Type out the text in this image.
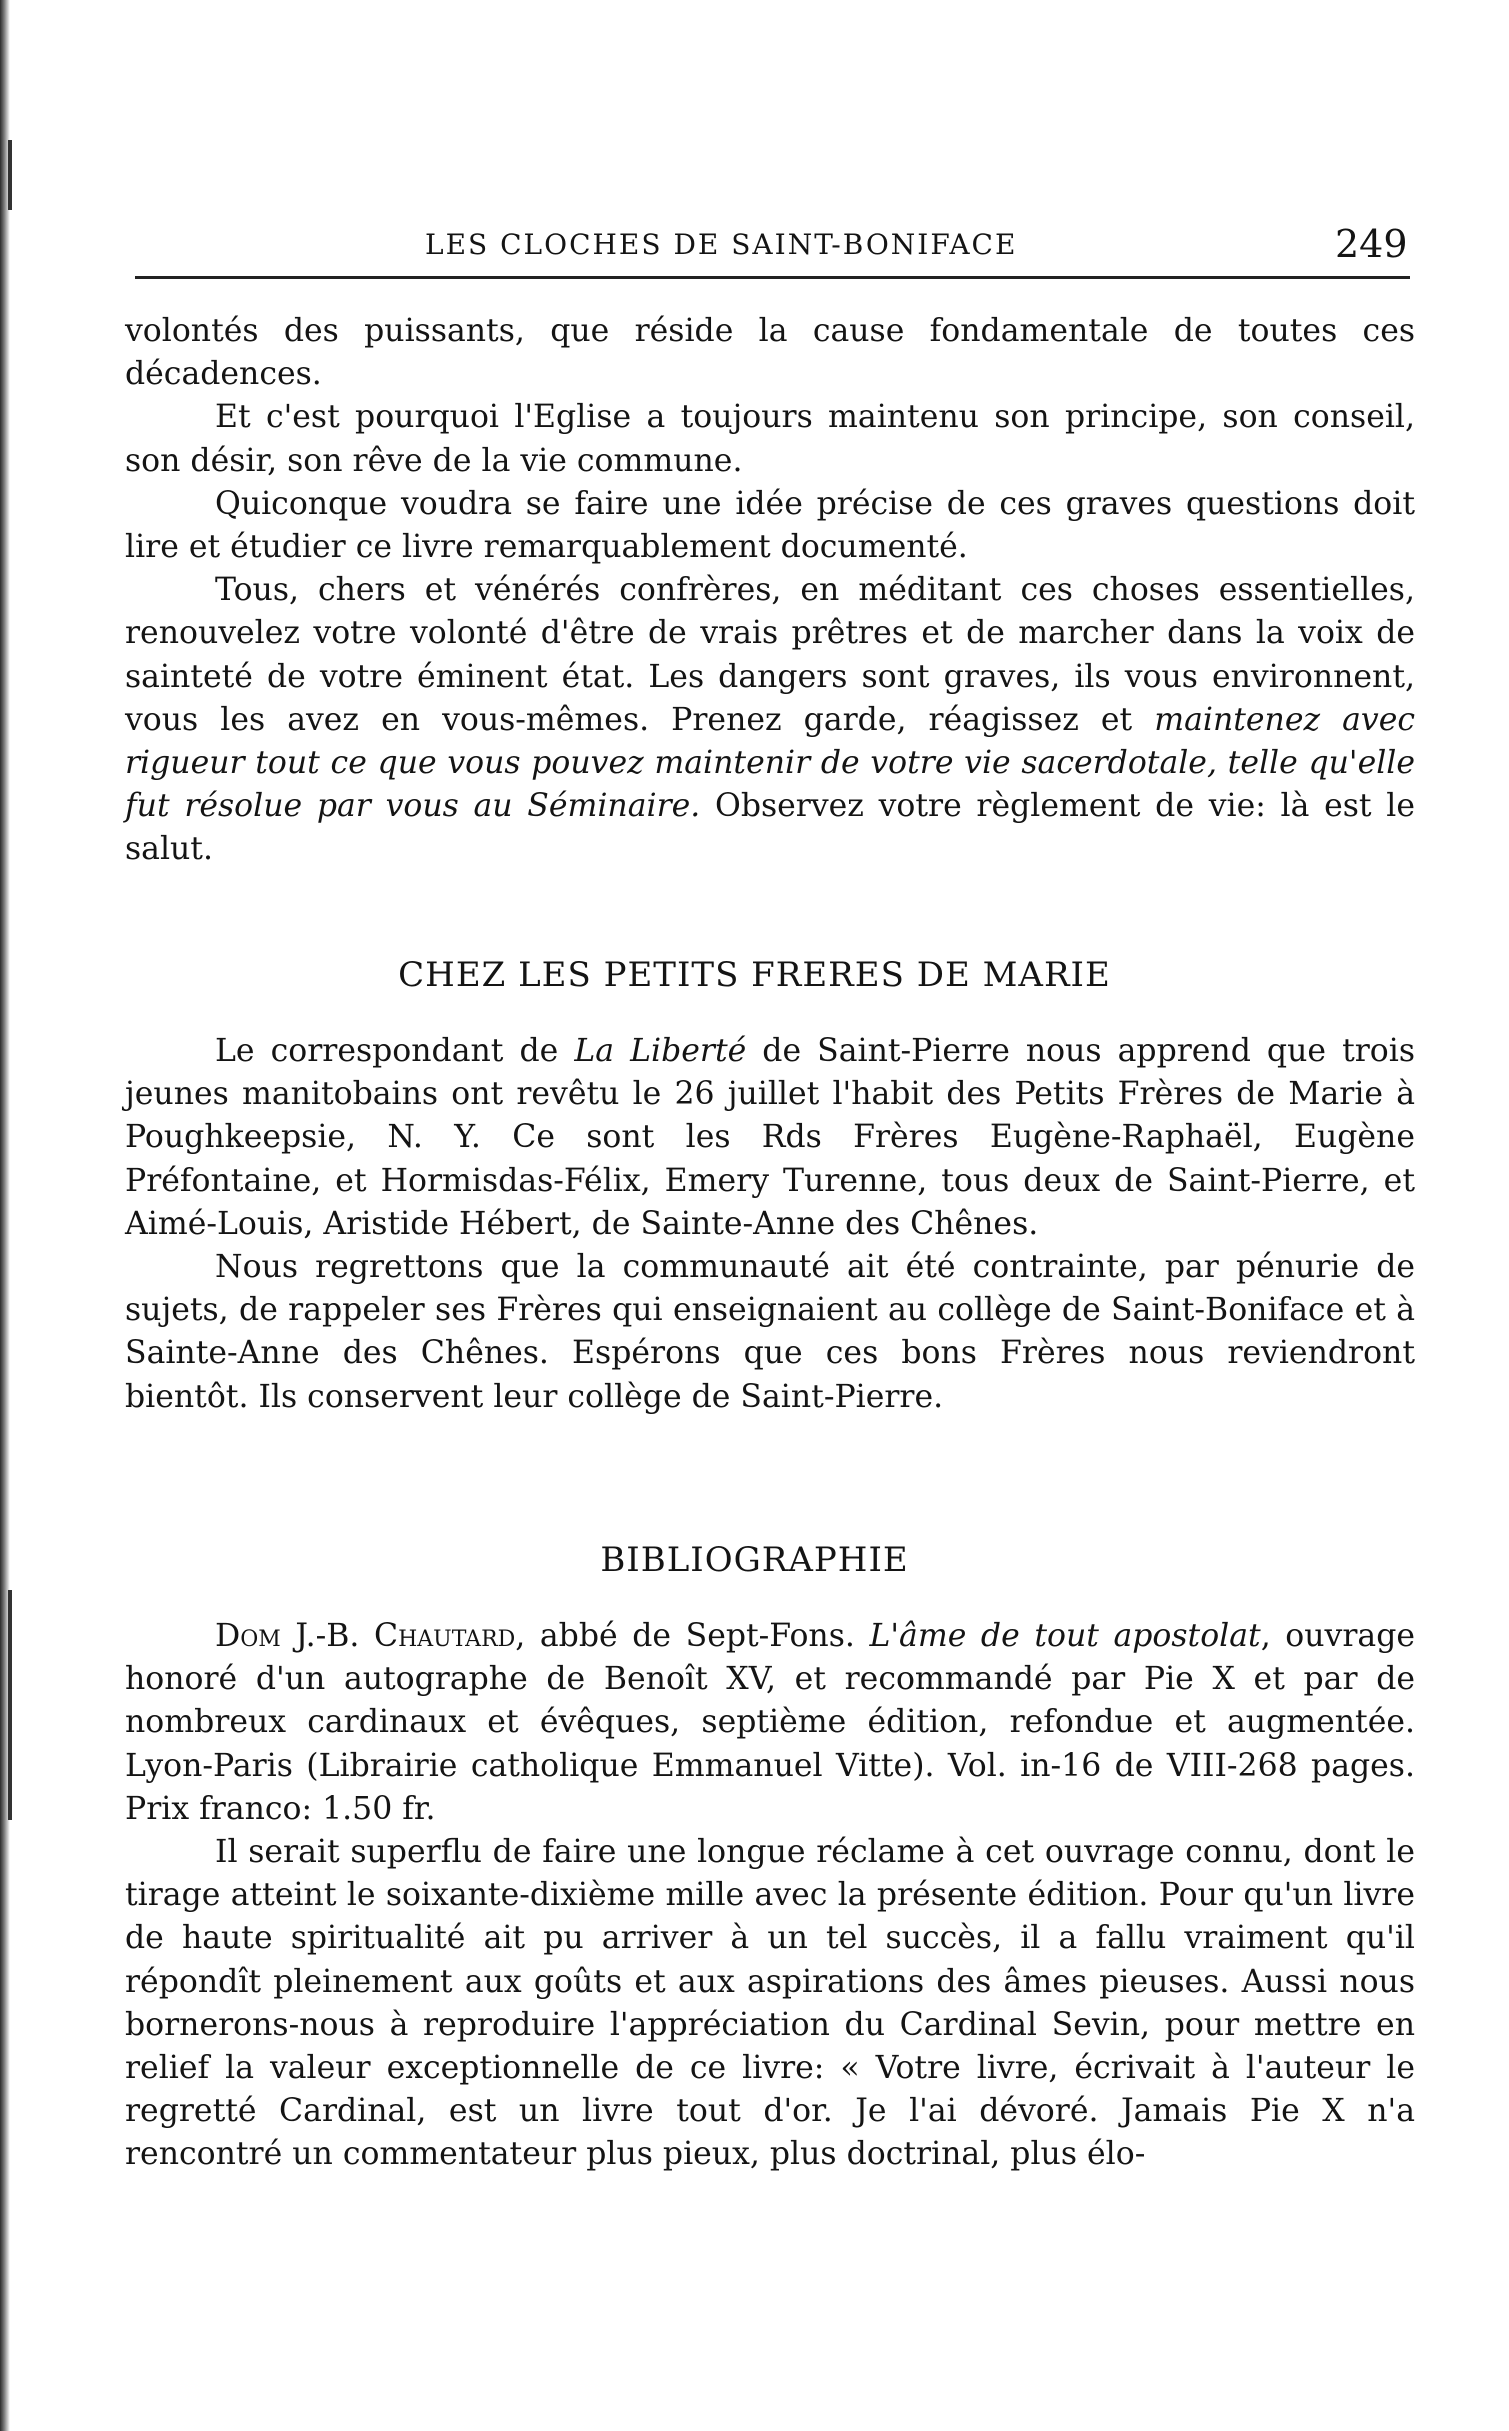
LES CLOCHES DE SAINT-BONIFACE	249

volontés des puissants, que réside la cause fondamentale de toutes ces décadences.

Et c'est pourquoi l'Eglise a toujours maintenu son principe, son conseil, son désir, son rêve de la vie commune.

Quiconque voudra se faire une idée précise de ces graves questions doit lire et étudier ce livre remarquablement documenté.

Tous, chers et vénérés confrères, en méditant ces choses essentielles, renouvelez votre volonté d'être de vrais prêtres et de marcher dans la voix de sainteté de votre éminent état. Les dangers sont graves, ils vous environnent, vous les avez en vous-mêmes. Prenez garde, réagissez et maintenez avec rigueur tout ce que vous pouvez maintenir de votre vie sacerdotale, telle qu'elle fut résolue par vous au Séminaire. Observez votre règlement de vie: là est le salut.

CHEZ LES PETITS FRERES DE MARIE

Le correspondant de La Liberté de Saint-Pierre nous apprend que trois jeunes manitobains ont revêtu le 26 juillet l'habit des Petits Frères de Marie à Poughkeepsie, N. Y. Ce sont les Rds Frères Eugène-Raphaël, Eugène Préfontaine, et Hormisdas-Félix, Emery Turenne, tous deux de Saint-Pierre, et Aimé-Louis, Aristide Hébert, de Sainte-Anne des Chênes.

Nous regrettons que la communauté ait été contrainte, par pénurie de sujets, de rappeler ses Frères qui enseignaient au collège de Saint-Boniface et à Sainte-Anne des Chênes. Espérons que ces bons Frères nous reviendront bientôt. Ils conservent leur collège de Saint-Pierre.

BIBLIOGRAPHIE

Dom J.-B. Chautard, abbé de Sept-Fons. L'âme de tout apostolat, ouvrage honoré d'un autographe de Benoît XV, et recommandé par Pie X et par de nombreux cardinaux et évêques, septième édition, refondue et augmentée. Lyon-Paris (Librairie catholique Emmanuel Vitte). Vol. in-16 de VIII-268 pages. Prix franco: 1.50 fr.

Il serait superflu de faire une longue réclame à cet ouvrage connu, dont le tirage atteint le soixante-dixième mille avec la présente édition. Pour qu'un livre de haute spiritualité ait pu arriver à un tel succès, il a fallu vraiment qu'il répondît pleinement aux goûts et aux aspirations des âmes pieuses. Aussi nous bornerons-nous à reproduire l'appréciation du Cardinal Sevin, pour mettre en relief la valeur exceptionnelle de ce livre: « Votre livre, écrivait à l'auteur le regretté Cardinal, est un livre tout d'or. Je l'ai dévoré. Jamais Pie X n'a rencontré un commentateur plus pieux, plus doctrinal, plus élo-
